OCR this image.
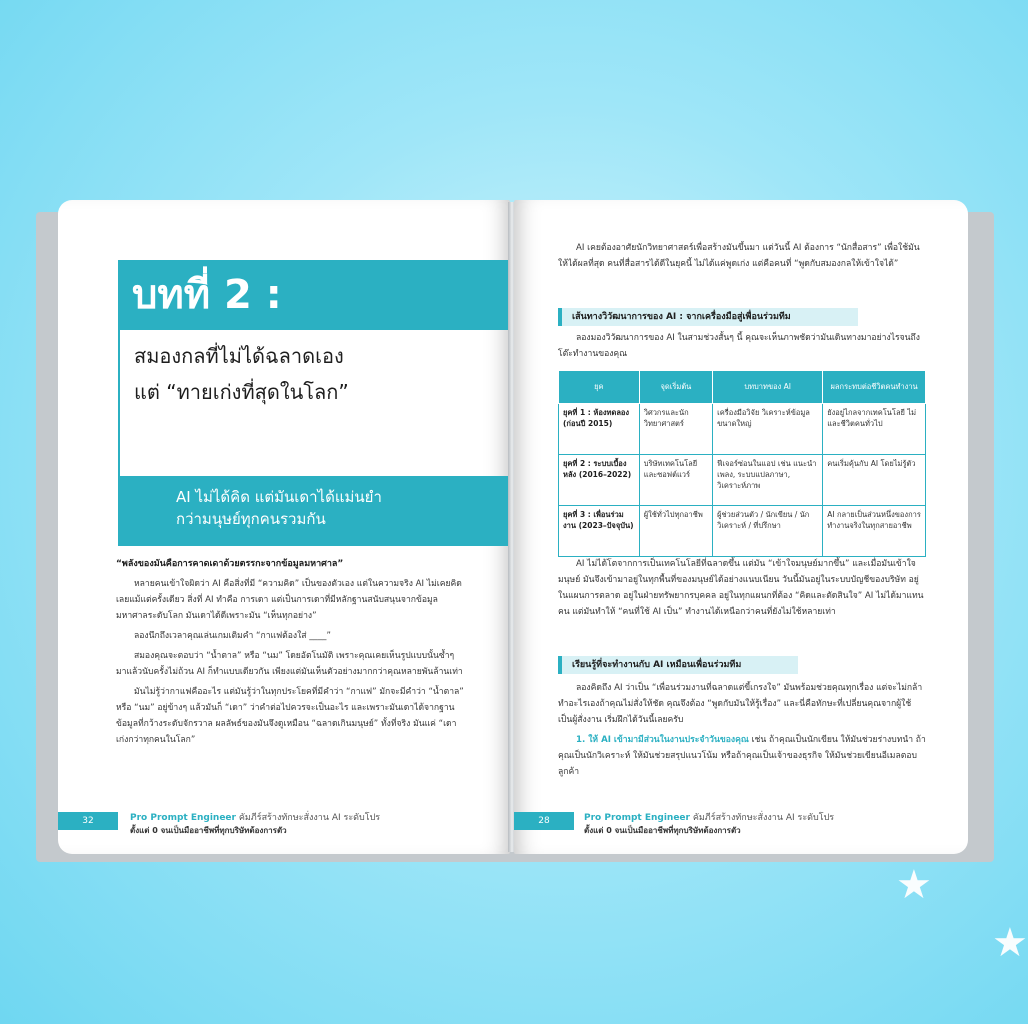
★
★
บทที่ 2 :
สมองกลที่ไม่ได้ฉลาดเอง
แต่ “ทายเก่งที่สุดในโลก”
AI ไม่ได้คิด แต่มันเดาได้แม่นยำ
กว่ามนุษย์ทุกคนรวมกัน

“พลังของมันคือการคาดเดาด้วยตรรกะจากข้อมูลมหาศาล”

หลายคนเข้าใจผิดว่า AI คือสิ่งที่มี “ความคิด” เป็นของตัวเอง แต่ในความจริง AI ไม่เคยคิดเลยแม้แต่ครั้งเดียว สิ่งที่ AI ทำคือ การเดา แต่เป็นการเดาที่มีหลักฐานสนับสนุนจากข้อมูลมหาศาลระดับโลก มันเดาได้ดีเพราะมัน “เห็นทุกอย่าง”

ลองนึกถึงเวลาคุณเล่นเกมเติมคำ “กาแฟต้องใส่ ____”

สมองคุณจะตอบว่า “น้ำตาล” หรือ “นม” โดยอัตโนมัติ เพราะคุณเคยเห็นรูปแบบนั้นซ้ำๆ มาแล้วนับครั้งไม่ถ้วน AI ก็ทำแบบเดียวกัน เพียงแต่มันเห็นตัวอย่างมากกว่าคุณหลายพันล้านเท่า

มันไม่รู้ว่ากาแฟคืออะไร แต่มันรู้ว่าในทุกประโยคที่มีคำว่า “กาแฟ” มักจะมีคำว่า “น้ำตาล” หรือ “นม” อยู่ข้างๆ แล้วมันก็ “เดา” ว่าคำต่อไปควรจะเป็นอะไร และเพราะมันเดาได้จากฐานข้อมูลที่กว้างระดับจักรวาล ผลลัพธ์ของมันจึงดูเหมือน “ฉลาดเกินมนุษย์” ทั้งที่จริง มันแค่ “เดาเก่งกว่าทุกคนในโลก”

32	Pro Prompt Engineer คัมภีร์สร้างทักษะสั่งงาน AI ระดับโปร
ตั้งแต่ 0 จนเป็นมืออาชีพที่ทุกบริษัทต้องการตัว

AI เคยต้องอาศัยนักวิทยาศาสตร์เพื่อสร้างมันขึ้นมา แต่วันนี้ AI ต้องการ “นักสื่อสาร” เพื่อใช้มันให้ได้ผลที่สุด คนที่สื่อสารได้ดีในยุคนี้ ไม่ได้แค่พูดเก่ง แต่คือคนที่ “พูดกับสมองกลให้เข้าใจได้”

เส้นทางวิวัฒนาการของ AI : จากเครื่องมือสู่เพื่อนร่วมทีม

ลองมองวิวัฒนาการของ AI ในสามช่วงสั้นๆ นี้ คุณจะเห็นภาพชัดว่ามันเดินทางมาอย่างไรจนถึงโต๊ะทำงานของคุณ

ยุค	จุดเริ่มต้น	บทบาทของ AI	ผลกระทบต่อชีวิตคนทำงาน
ยุคที่ 1 : ห้องทดลอง (ก่อนปี 2015)	วิศวกรและนักวิทยาศาสตร์	เครื่องมือวิจัย วิเคราะห์ข้อมูลขนาดใหญ่	ยังอยู่ไกลจากเทคโนโลยี ไม่และชีวิตคนทั่วไป
ยุคที่ 2 : ระบบเบื้องหลัง (2016–2022)	บริษัทเทคโนโลยีและซอฟต์แวร์	ฟีเจอร์ซ่อนในแอป เช่น แนะนำเพลง, ระบบแปลภาษา, วิเคราะห์ภาพ	คนเริ่มคุ้นกับ AI โดยไม่รู้ตัว
ยุคที่ 3 : เพื่อนร่วมงาน (2023–ปัจจุบัน)	ผู้ใช้ทั่วไปทุกอาชีพ	ผู้ช่วยส่วนตัว / นักเขียน / นักวิเคราะห์ / ที่ปรึกษา	AI กลายเป็นส่วนหนึ่งของการทำงานจริงในทุกสายอาชีพ

AI ไม่ได้โตจากการเป็นเทคโนโลยีที่ฉลาดขึ้น แต่มัน “เข้าใจมนุษย์มากขึ้น” และเมื่อมันเข้าใจมนุษย์ มันจึงเข้ามาอยู่ในทุกพื้นที่ของมนุษย์ได้อย่างแนบเนียน วันนี้มันอยู่ในระบบบัญชีของบริษัท อยู่ในแผนการตลาด อยู่ในฝ่ายทรัพยากรบุคคล อยู่ในทุกแผนกที่ต้อง “คิดและตัดสินใจ” AI ไม่ได้มาแทนคน แต่มันทำให้ “คนที่ใช้ AI เป็น” ทำงานได้เหนือกว่าคนที่ยังไม่ใช้หลายเท่า

เรียนรู้ที่จะทำงานกับ AI เหมือนเพื่อนร่วมทีม

ลองคิดถึง AI ว่าเป็น “เพื่อนร่วมงานที่ฉลาดแต่ขี้เกรงใจ” มันพร้อมช่วยคุณทุกเรื่อง แต่จะไม่กล้าทำอะไรเองถ้าคุณไม่สั่งให้ชัด คุณจึงต้อง “พูดกับมันให้รู้เรื่อง” และนี่คือทักษะที่เปลี่ยนคุณจากผู้ใช้ เป็นผู้สั่งงาน เริ่มฝึกได้วันนี้เลยครับ

1. ให้ AI เข้ามามีส่วนในงานประจำวันของคุณ เช่น ถ้าคุณเป็นนักเขียน ให้มันช่วยร่างบทนำ ถ้าคุณเป็นนักวิเคราะห์ ให้มันช่วยสรุปแนวโน้ม หรือถ้าคุณเป็นเจ้าของธุรกิจ ให้มันช่วยเขียนอีเมลตอบลูกค้า

28	Pro Prompt Engineer คัมภีร์สร้างทักษะสั่งงาน AI ระดับโปร
ตั้งแต่ 0 จนเป็นมืออาชีพที่ทุกบริษัทต้องการตัว
